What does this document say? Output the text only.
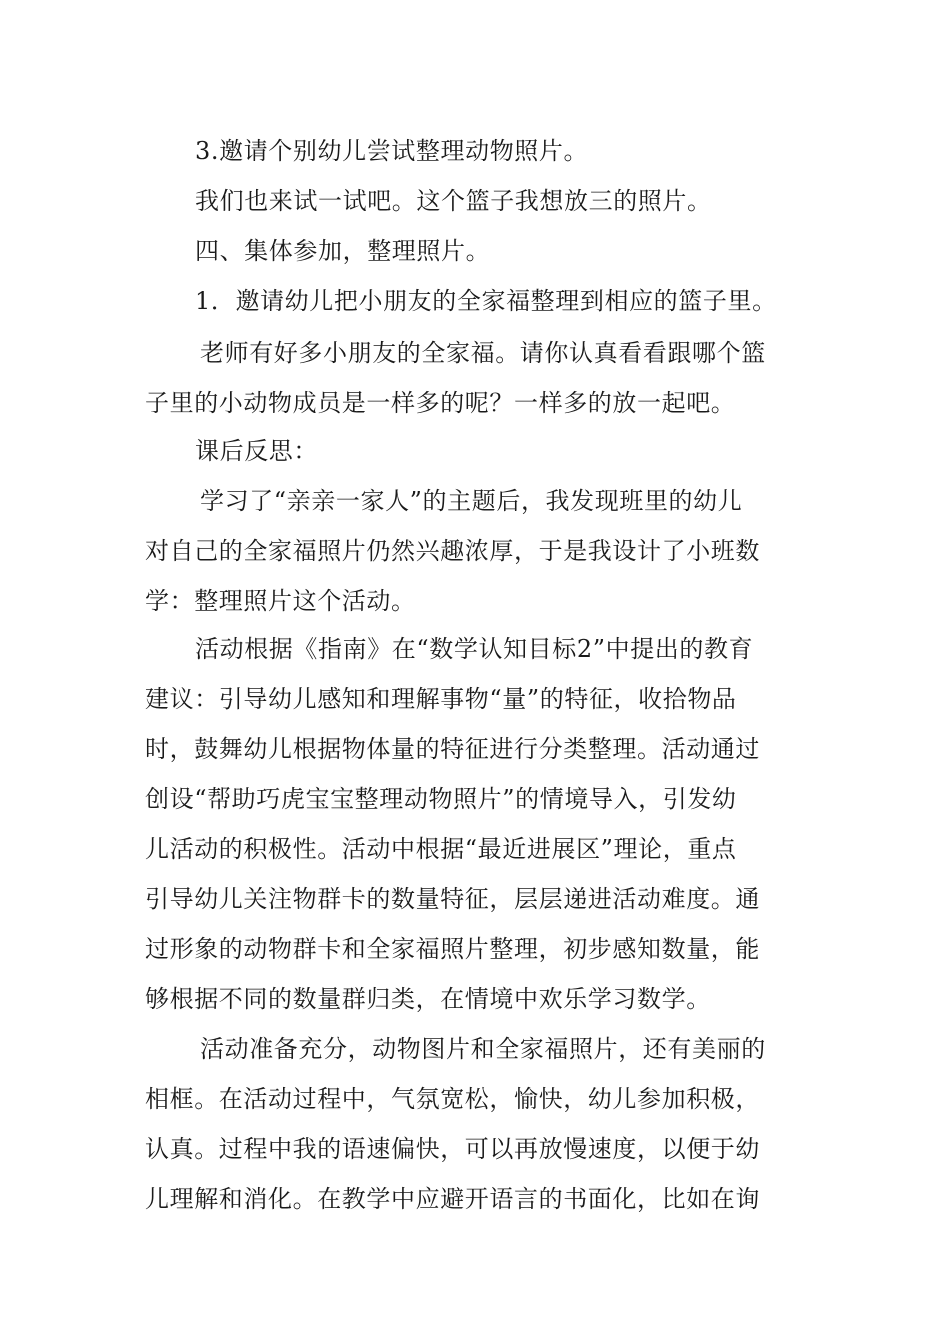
3.邀请个别幼儿尝试整理动物照片。

我们也来试一试吧。这个篮子我想放三的照片。

四、集体参加，整理照片。

1．邀请幼儿把小朋友的全家福整理到相应的篮子里。

老师有好多小朋友的全家福。请你认真看看跟哪个篮

子里的小动物成员是一样多的呢？一样多的放一起吧。

课后反思：

学习了“亲亲一家人”的主题后，我发现班里的幼儿

对自己的全家福照片仍然兴趣浓厚，于是我设计了小班数

学：整理照片这个活动。

活动根据《指南》在“数学认知目标2”中提出的教育

建议：引导幼儿感知和理解事物“量”的特征，收拾物品

时，鼓舞幼儿根据物体量的特征进行分类整理。活动通过

创设“帮助巧虎宝宝整理动物照片”的情境导入，引发幼

儿活动的积极性。活动中根据“最近进展区”理论，重点

引导幼儿关注物群卡的数量特征，层层递进活动难度。通

过形象的动物群卡和全家福照片整理，初步感知数量，能

够根据不同的数量群归类，在情境中欢乐学习数学。

活动准备充分，动物图片和全家福照片，还有美丽的

相框。在活动过程中，气氛宽松，愉快，幼儿参加积极，

认真。过程中我的语速偏快，可以再放慢速度，以便于幼

儿理解和消化。在教学中应避开语言的书面化，比如在询
